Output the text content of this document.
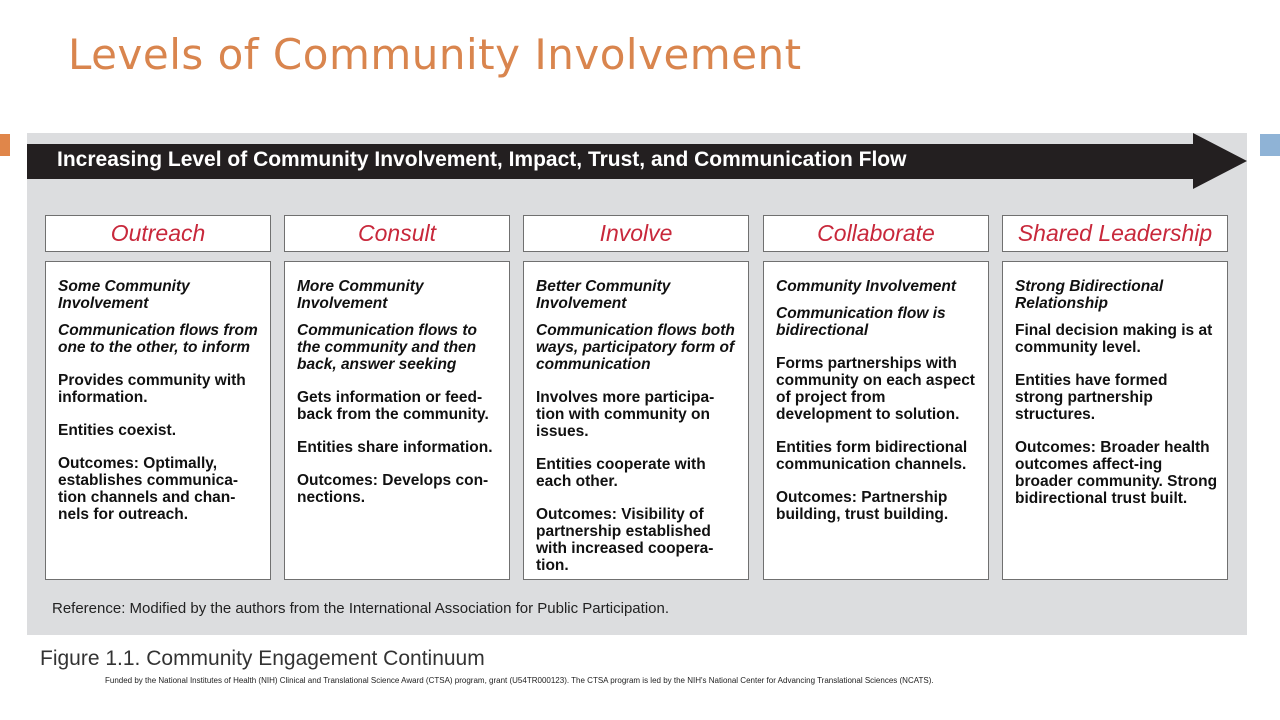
Levels of Community Involvement
Increasing Level of Community Involvement, Impact, Trust, and Communication Flow
Outreach

Some Community Involvement

Communication flows from one to the other, to inform

Provides community with information.

Entities coexist.

Outcomes: Optimally, establishes communica-tion channels and chan-nels for outreach.

Consult

More Community Involvement

Communication flows to the community and then back, answer seeking

Gets information or feed-back from the community.

Entities share information.

Outcomes: Develops con-nections.

Involve

Better Community Involvement

Communication flows both ways, participatory form of communication

Involves more participa-tion with community on issues.

Entities cooperate with each other.

Outcomes: Visibility of partnership established with increased coopera-tion.

Collaborate

Community Involvement

Communication flow is bidirectional

Forms partnerships with community on each aspect of project from development to solution.

Entities form bidirectional communication channels.

Outcomes: Partnership building, trust building.

Shared Leadership

Strong Bidirectional Relationship

Final decision making is at community level.

Entities have formed strong partnership structures.

Outcomes: Broader health outcomes affect-ing broader community. Strong bidirectional trust built.

Reference: Modified by the authors from the International Association for Public Participation.
Figure 1.1. Community Engagement Continuum
Funded by the National Institutes of Health (NIH) Clinical and Translational Science Award (CTSA) program, grant (U54TR000123). The CTSA program is led by the NIH's National Center for Advancing Translational Sciences (NCATS).
